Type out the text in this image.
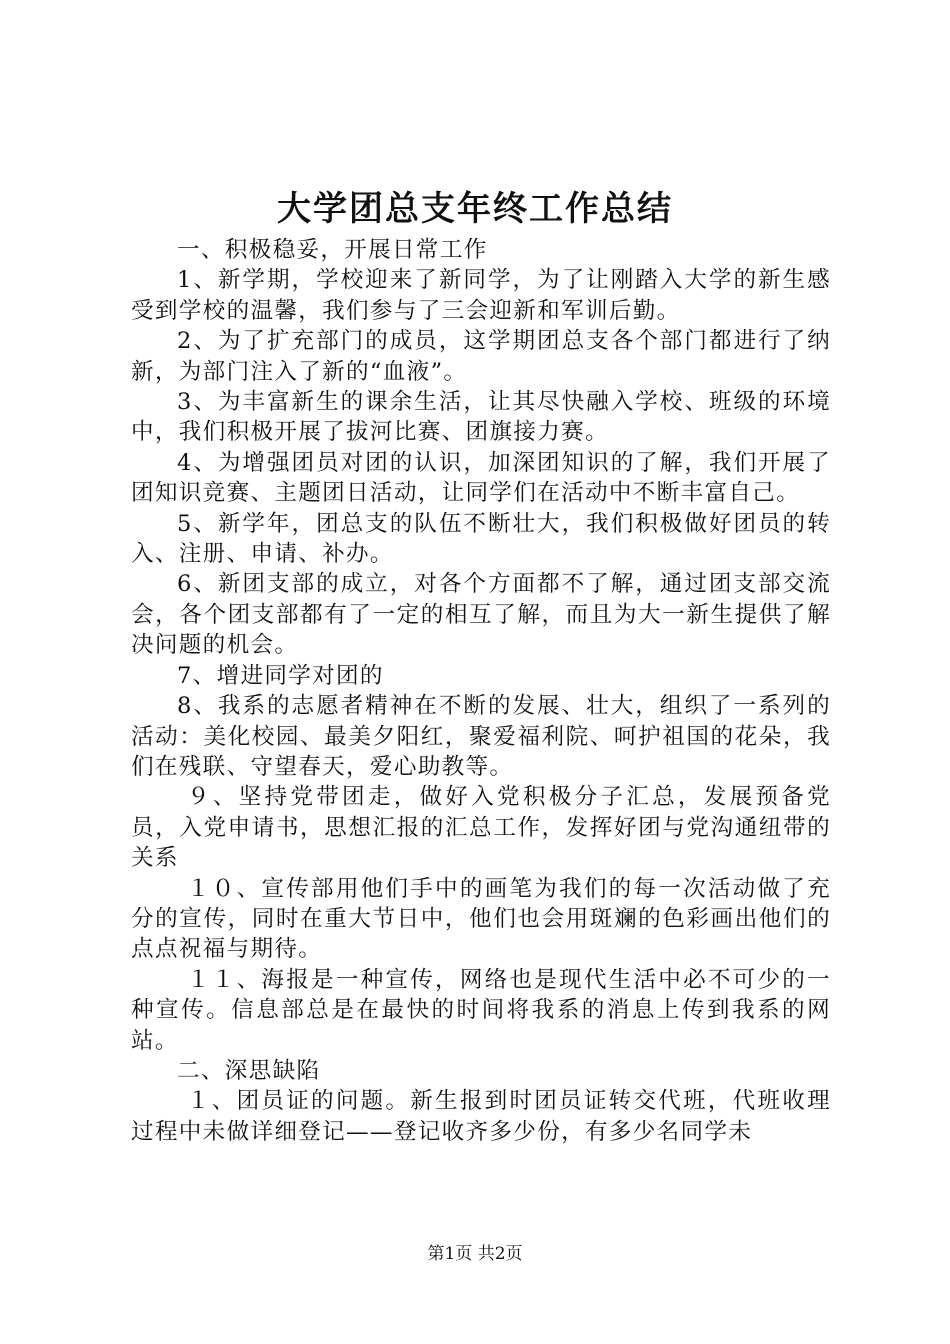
大学团总支年终工作总结

一、积极稳妥，开展日常工作

1、新学期，学校迎来了新同学，为了让刚踏入大学的新生感受到学校的温馨，我们参与了三会迎新和军训后勤。

2、为了扩充部门的成员，这学期团总支各个部门都进行了纳新，为部门注入了新的“血液”。

3、为丰富新生的课余生活，让其尽快融入学校、班级的环境中，我们积极开展了拔河比赛、团旗接力赛。

4、为增强团员对团的认识，加深团知识的了解，我们开展了团知识竞赛、主题团日活动，让同学们在活动中不断丰富自己。

5、新学年，团总支的队伍不断壮大，我们积极做好团员的转入、注册、申请、补办。

6、新团支部的成立，对各个方面都不了解，通过团支部交流会，各个团支部都有了一定的相互了解，而且为大一新生提供了解决问题的机会。

7、增进同学对团的

8、我系的志愿者精神在不断的发展、壮大，组织了一系列的活动：美化校园、最美夕阳红，聚爱福利院、呵护祖国的花朵，我们在残联、守望春天，爱心助教等。

９、坚持党带团走，做好入党积极分子汇总，发展预备党员，入党申请书，思想汇报的汇总工作，发挥好团与党沟通纽带的关系

１０、宣传部用他们手中的画笔为我们的每一次活动做了充分的宣传，同时在重大节日中，他们也会用斑斓的色彩画出他们的点点祝福与期待。

１１、海报是一种宣传，网络也是现代生活中必不可少的一种宣传。信息部总是在最快的时间将我系的消息上传到我系的网站。

二、深思缺陷

１、团员证的问题。新生报到时团员证转交代班，代班收理过程中未做详细登记——登记收齐多少份，有多少名同学未

第1页 共2页
